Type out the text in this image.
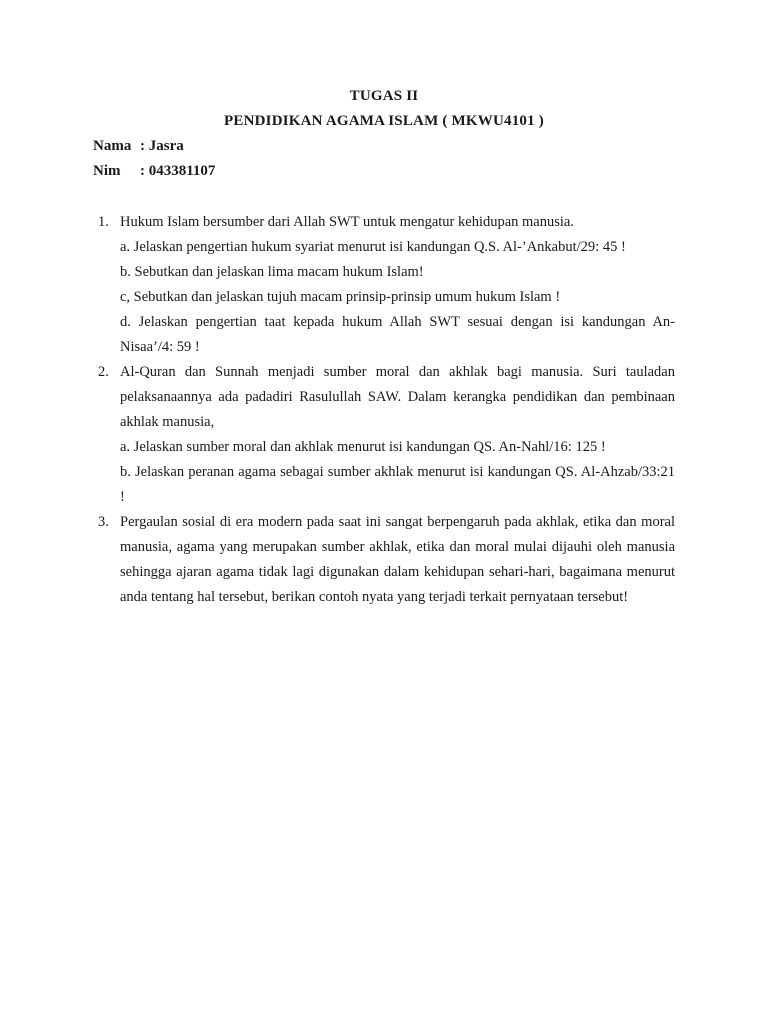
TUGAS II
PENDIDIKAN AGAMA ISLAM ( MKWU4101 )
Nama : Jasra
Nim : 043381107
1. Hukum Islam bersumber dari Allah SWT untuk mengatur kehidupan manusia.
a. Jelaskan pengertian hukum syariat menurut isi kandungan Q.S. Al-’Ankabut/29: 45 !
b. Sebutkan dan jelaskan lima macam hukum Islam!
c, Sebutkan dan jelaskan tujuh macam prinsip-prinsip umum hukum Islam !
d. Jelaskan pengertian taat kepada hukum Allah SWT sesuai dengan isi kandungan An-Nisaa’/4: 59 !
2. Al-Quran dan Sunnah menjadi sumber moral dan akhlak bagi manusia. Suri tauladan pelaksanaannya ada padadiri Rasulullah SAW. Dalam kerangka pendidikan dan pembinaan akhlak manusia,
a. Jelaskan sumber moral dan akhlak menurut isi kandungan QS. An-Nahl/16: 125 !
b. Jelaskan peranan agama sebagai sumber akhlak menurut isi kandungan QS. Al-Ahzab/33:21 !
3. Pergaulan sosial di era modern pada saat ini sangat berpengaruh pada akhlak, etika dan moral manusia, agama yang merupakan sumber akhlak, etika dan moral mulai dijauhi oleh manusia sehingga ajaran agama tidak lagi digunakan dalam kehidupan sehari-hari, bagaimana menurut anda tentang hal tersebut, berikan contoh nyata yang terjadi terkait pernyataan tersebut!
